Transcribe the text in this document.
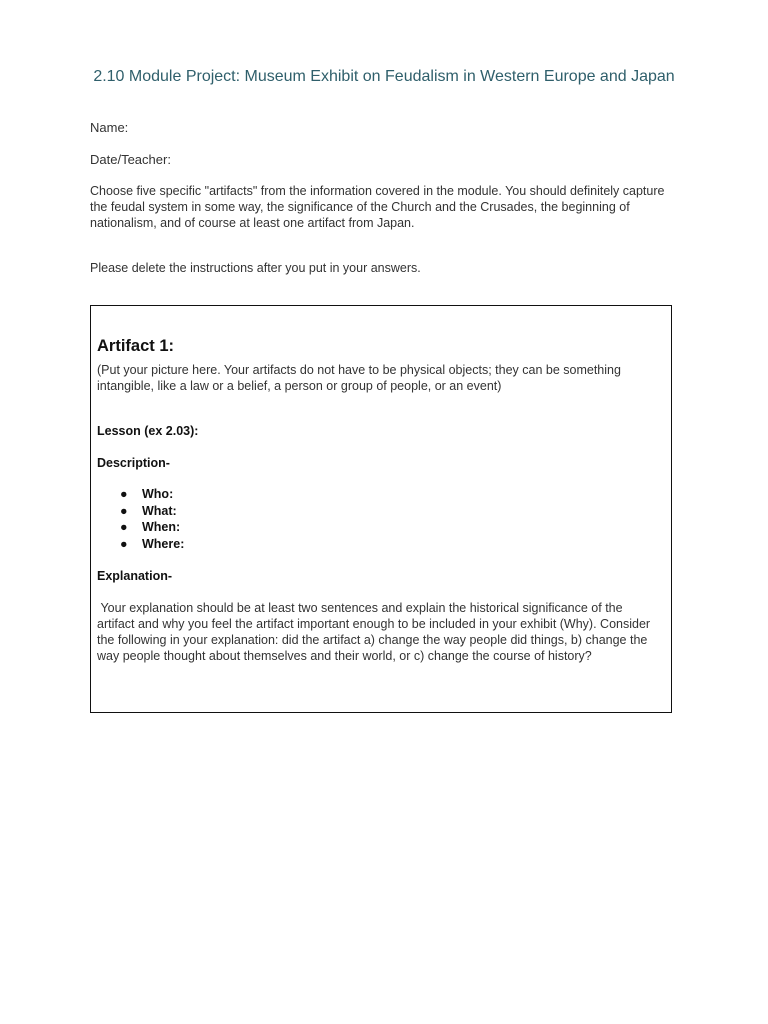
2.10 Module Project: Museum Exhibit on Feudalism in Western Europe and Japan
Name:
Date/Teacher:
Choose five specific "artifacts" from the information covered in the module. You should definitely capture the feudal system in some way, the significance of the Church and the Crusades, the beginning of nationalism, and of course at least one artifact from Japan.
Please delete the instructions after you put in your answers.
Artifact 1:
(Put your picture here. Your artifacts do not have to be physical objects; they can be something intangible, like a law or a belief, a person or group of people, or an event)
Lesson (ex 2.03):
Description-
● Who:
● What:
● When:
● Where:
Explanation-
Your explanation should be at least two sentences and explain the historical significance of the artifact and why you feel the artifact important enough to be included in your exhibit (Why). Consider the following in your explanation: did the artifact a) change the way people did things, b) change the way people thought about themselves and their world, or c) change the course of history?
